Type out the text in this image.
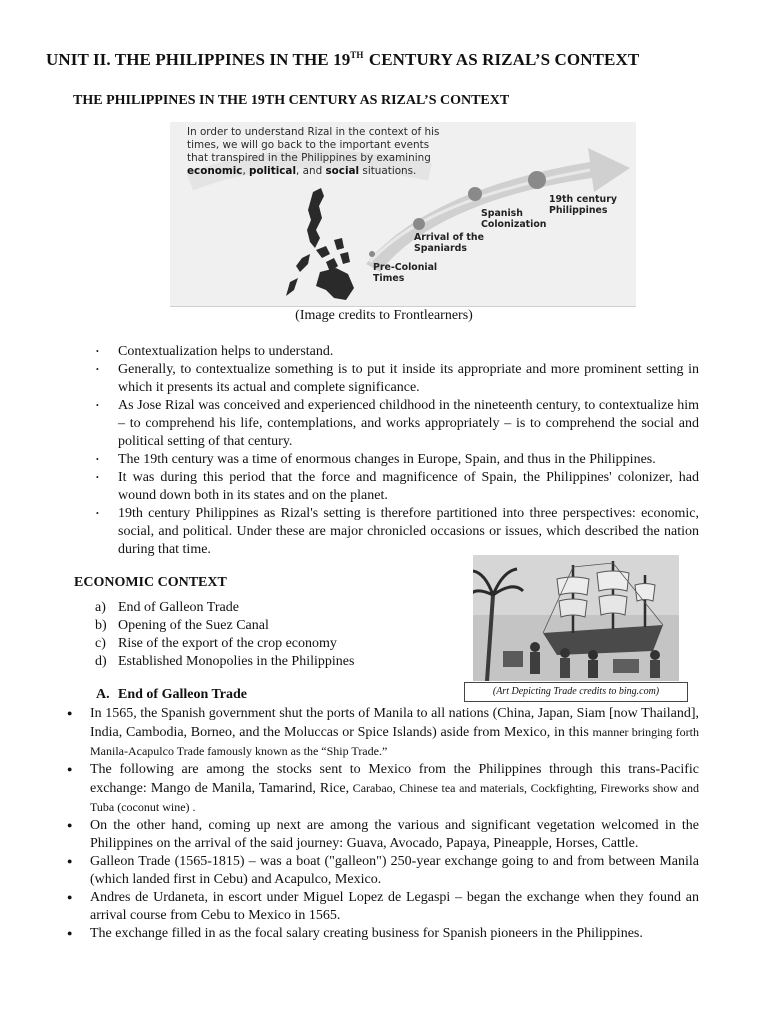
UNIT II. THE PHILIPPINES IN THE 19TH CENTURY AS RIZAL’S CONTEXT
THE PHILIPPINES IN THE 19TH CENTURY AS RIZAL’S CONTEXT
In order to understand Rizal in the context of his
times, we will go back to the important events
that transpired in the Philippines by examining
economic, political, and social situations.
Pre-Colonial
Times
Arrival of the
Spaniards
Spanish
Colonization
19th century
Philippines
(Image credits to Frontlearners)
• Contextualization helps to understand.
• Generally, to contextualize something is to put it inside its appropriate and more prominent setting in which it presents its actual and complete significance.
• As Jose Rizal was conceived and experienced childhood in the nineteenth century, to contextualize him – to comprehend his life, contemplations, and works appropriately – is to comprehend the social and political setting of that century.
• The 19th century was a time of enormous changes in Europe, Spain, and thus in the Philippines.
• It was during this period that the force and magnificence of Spain, the Philippines' colonizer, had wound down both in its states and on the planet.
• 19th century Philippines as Rizal's setting is therefore partitioned into three perspectives: economic, social, and political. Under these are major chronicled occasions or issues, which described the nation during that time.
ECONOMIC CONTEXT
a) End of Galleon Trade
b) Opening of the Suez Canal
c) Rise of the export of the crop economy
d) Established Monopolies in the Philippines
(Art Depicting Trade credits to bing.com)
A. End of Galleon Trade
● In 1565, the Spanish government shut the ports of Manila to all nations (China, Japan, Siam [now Thailand], India, Cambodia, Borneo, and the Moluccas or Spice Islands) aside from Mexico, in this manner bringing forth Manila-Acapulco Trade famously known as the “Ship Trade.”
● The following are among the stocks sent to Mexico from the Philippines through this trans-Pacific exchange: Mango de Manila, Tamarind, Rice, Carabao, Chinese tea and materials, Cockfighting, Fireworks show and Tuba (coconut wine) .
● On the other hand, coming up next are among the various and significant vegetation welcomed in the Philippines on the arrival of the said journey: Guava, Avocado, Papaya, Pineapple, Horses, Cattle.
● Galleon Trade (1565-1815) – was a boat ("galleon") 250-year exchange going to and from between Manila (which landed first in Cebu) and Acapulco, Mexico.
● Andres de Urdaneta, in escort under Miguel Lopez de Legaspi – began the exchange when they found an arrival course from Cebu to Mexico in 1565.
● The exchange filled in as the focal salary creating business for Spanish pioneers in the Philippines.
